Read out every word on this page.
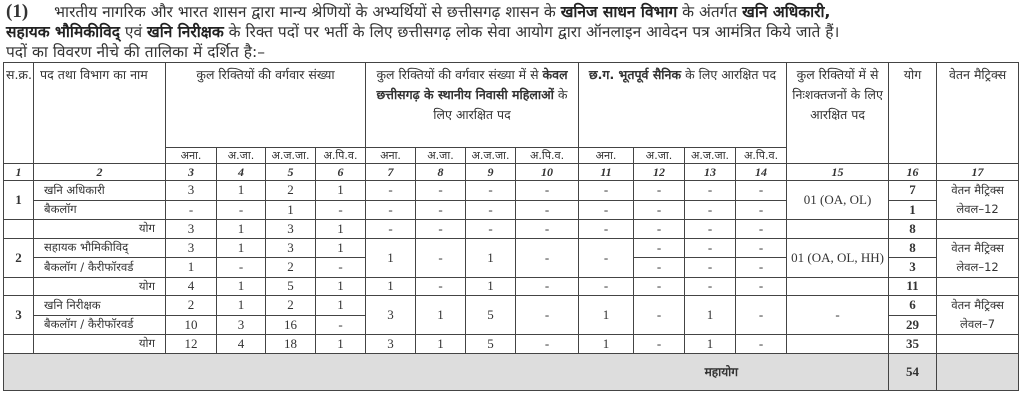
(1) भारतीय नागरिक और भारत शासन द्वारा मान्य श्रेणियों के अभ्यर्थियों से छत्तीसगढ़ शासन के खनिज साधन विभाग के अंतर्गत खनि अधिकारी,
सहायक भौमिकीविद् एवं खनि निरीक्षक के रिक्त पदों पर भर्ती के लिए छत्तीसगढ़ लोक सेवा आयोग द्वारा ऑनलाइन आवेदन पत्र आमंत्रित किये जाते हैं।
पदों का विवरण नीचे की तालिका में दर्शित है:–
स.क्र.	पद तथा विभाग का नाम	कुल रिक्तियों की वर्गवार संख्या				कुल रिक्तियों की वर्गवार संख्या में से केवल छत्तीसगढ़ के स्थानीय निवासी महिलाओं के लिए आरक्षित पद				छ.ग. भूतपूर्व सैनिक के लिए आरक्षित पद				कुल रिक्तियों में से निःशक्तजनों के लिए आरक्षित पद	योग	वेतन मैट्रिक्स
		अना.	अ.जा.	अ.ज.जा.	अ.पि.व.	अना.	अ.जा.	अ.ज.जा.	अ.पि.व.	अना.	अ.जा.	अ.ज.जा.	अ.पि.व.			
1	2	3	4	5	6	7	8	9	10	11	12	13	14	15	16	17
1	खनि अधिकारी	3	1	2	1	-	-	-	-	-	-	-	-	01 (OA, OL)	7	वेतन मैट्रिक्स लेवल–12
	बैकलॉग	-	-	1	-	-	-	-	-	-	-	-	-		1	
	योग	3	1	3	1	-	-	-	-	-	-	-	-		8	
2	सहायक भौमिकीविद्	3	1	3	1	1	-	1	-	-	-	-	-	01 (OA, OL, HH)	8	वेतन मैट्रिक्स लेवल–12
	बैकलॉग / कैरीफॉरवर्ड	1	-	2	-						-	-	-		3	
	योग	4	1	5	1	1	-	1	-	-	-	-	-		11	
3	खनि निरीक्षक	2	1	2	1	3	1	5	-	1	-	1	-	-	6	वेतन मैट्रिक्स लेवल–7
	बैकलॉग / कैरीफॉरवर्ड	10	3	16	-										29	
	योग	12	4	18	1	3	1	5	-	1	-	1	-		35	
महायोग															54	
